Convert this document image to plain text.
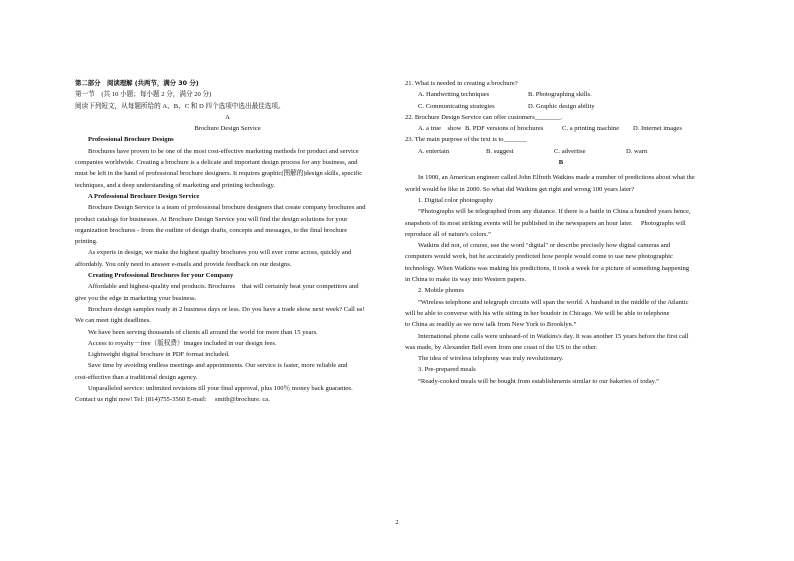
第二部分　阅读理解 (共两节，满分 30 分)
第一节　(共 10 小题；每小题 2 分，满分 20 分)
阅读下列短文，从每题所给的 A、B、C 和 D 四个选项中选出最佳选项。
A
Brochure Design Service
Professional Brochure Designs
Brochures have proven to be one of the most cost-effective marketing methods for product and service
companies worldwide. Creating a brochure is a delicate and important design process for any business, and
must be left in the hand of professional brochure designers. It requires graphic(图解的)design skills, specific
techniques, and a deep understanding of marketing and printing technology.
A Professional Brochure Design Service
Brochure Design Service is a team of professional brochure designers that create company brochures and
product catalogs for businesses. At Brochure Design Service you will find the design solutions for your
organization brochures - from the outline of design drafts, concepts and messages, to the final brochure
printing.
As experts in design, we make the highest quality brochures you will ever come across, quickly and
affordably. You only need to answer e-mails and provide feedback on our designs.
Creating Professional Brochures for your Company
Affordable and highest-quality end products. Brochures　that will certainly beat your competitors and
give you the edge in marketing your business.
Brochure design samples ready in 2 business days or less. Do you have a trade show next week? Call us!
We can meet tight deadlines.
We have been serving thousands of clients all around the world for more than 15 years.
Access to royalty－free（版权费）images included in our design fees.
Lightweight digital brochure in PDF format included.
Save time by avoiding endless meetings and appointments. Our service is faster, more reliable and
cost-effective than a traditional design agency.
Unparalleled service: unlimited revisions till your final approval, plus 100％ money back guarantee.
Contact us right now! Tel: (814)755-3560 E-mail:　 smith@brochure. ca.
21. What is needed in creating a brochure?
A. Handwriting techniques	B. Photographing skills.
C. Communicating strategies	D. Graphic design ability
22. Brochure Design Service can offer customers________.
A. a true　show B. PDF versions of brochures	C. a printing machine	D. Internet images
23. The main purpose of the text is to_______
A. entertain	B. suggest	C. advertise	D. warn
B
In 1900, an American engineer called John Elfreth Watkins made a number of predictions about what the
world would be like in 2000. So what did Watkins get right and wrong 100 years later?
1. Digital color photography
“Photographs will be telegraphed from any distance. If there is a battle in China a hundred years hence,
snapshots of its most striking events will be published in the newspapers an hour later.　 Photographs will
reproduce all of nature's colors.”
Watkins did not, of course, use the word "digital" or describe precisely how digital cameras and
computers would work, but he accurately predicted how people would come to use new photographic
technology. When Watkins was making his predictions, it took a week for a picture of something happening
in China to make its way into Western papers.
2. Mobile phones
“Wireless telephone and telegraph circuits will span the world. A husband in the middle of the Atlantic
will be able to converse with his wife sitting in her boudoir in Chicago. We will be able to telephone
to China as readily as we now talk from New York to Brooklyn.”
International phone calls were unheard-of in Watkins's day. It was another 15 years before the first call
was made, by Alexander Bell even from one coast of the US to the other.
The idea of wireless telephony was truly revolutionary.
3. Pre-prepared meals
“Ready-cooked meals will be bought from establishments similar to our bakeries of today.”
2
